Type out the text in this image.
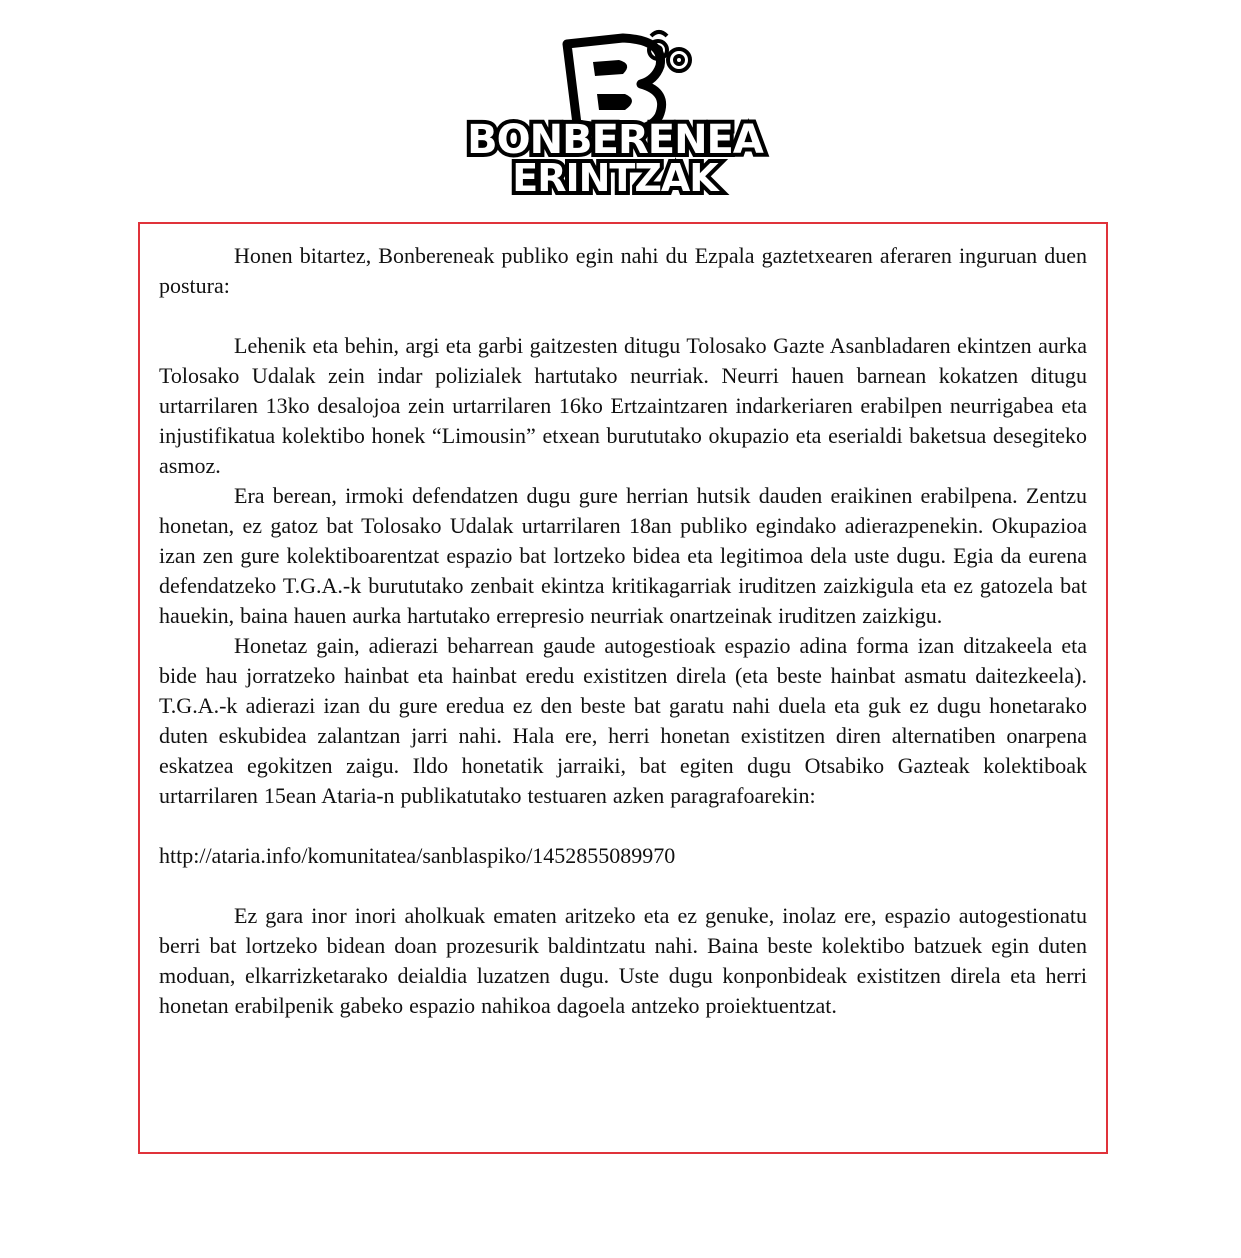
BONBERENEA
ERINTZAK

Honen bitartez, Bonbereneak publiko egin nahi du Ezpala gaztetxearen aferaren inguruan duen postura:

Lehenik eta behin, argi eta garbi gaitzesten ditugu Tolosako Gazte Asanbladaren ekintzen aurka Tolosako Udalak zein indar polizialek hartutako neurriak. Neurri hauen barnean kokatzen ditugu urtarrilaren 13ko desalojoa zein urtarrilaren 16ko Ertzaintzaren indarkeriaren erabilpen neurrigabea eta injustifikatua kolektibo honek “Limousin” etxean burututako okupazio eta eserialdi baketsua desegiteko asmoz.

Era berean, irmoki defendatzen dugu gure herrian hutsik dauden eraikinen erabilpena. Zentzu honetan, ez gatoz bat Tolosako Udalak urtarrilaren 18an publiko egindako adierazpenekin. Okupazioa izan zen gure kolektiboarentzat espazio bat lortzeko bidea eta legitimoa dela uste dugu. Egia da eurena defendatzeko T.G.A.-k burututako zenbait ekintza kritikagarriak iruditzen zaizkigula eta ez gatozela bat hauekin, baina hauen aurka hartutako errepresio neurriak onartzeinak iruditzen zaizkigu.

Honetaz gain, adierazi beharrean gaude autogestioak espazio adina forma izan ditzakeela eta bide hau jorratzeko hainbat eta hainbat eredu existitzen direla (eta beste hainbat asmatu daitezkeela). T.G.A.-k adierazi izan du gure eredua ez den beste bat garatu nahi duela eta guk ez dugu honetarako duten eskubidea zalantzan jarri nahi. Hala ere, herri honetan existitzen diren alternatiben onarpena eskatzea egokitzen zaigu. Ildo honetatik jarraiki, bat egiten dugu Otsabiko Gazteak kolektiboak urtarrilaren 15ean Ataria-n publikatutako testuaren azken paragrafoarekin:

http://ataria.info/komunitatea/sanblaspiko/1452855089970

Ez gara inor inori aholkuak ematen aritzeko eta ez genuke, inolaz ere, espazio autogestionatu berri bat lortzeko bidean doan prozesurik baldintzatu nahi. Baina beste kolektibo batzuek egin duten moduan, elkarrizketarako deialdia luzatzen dugu. Uste dugu konponbideak existitzen direla eta herri honetan erabilpenik gabeko espazio nahikoa dagoela antzeko proiektuentzat.
